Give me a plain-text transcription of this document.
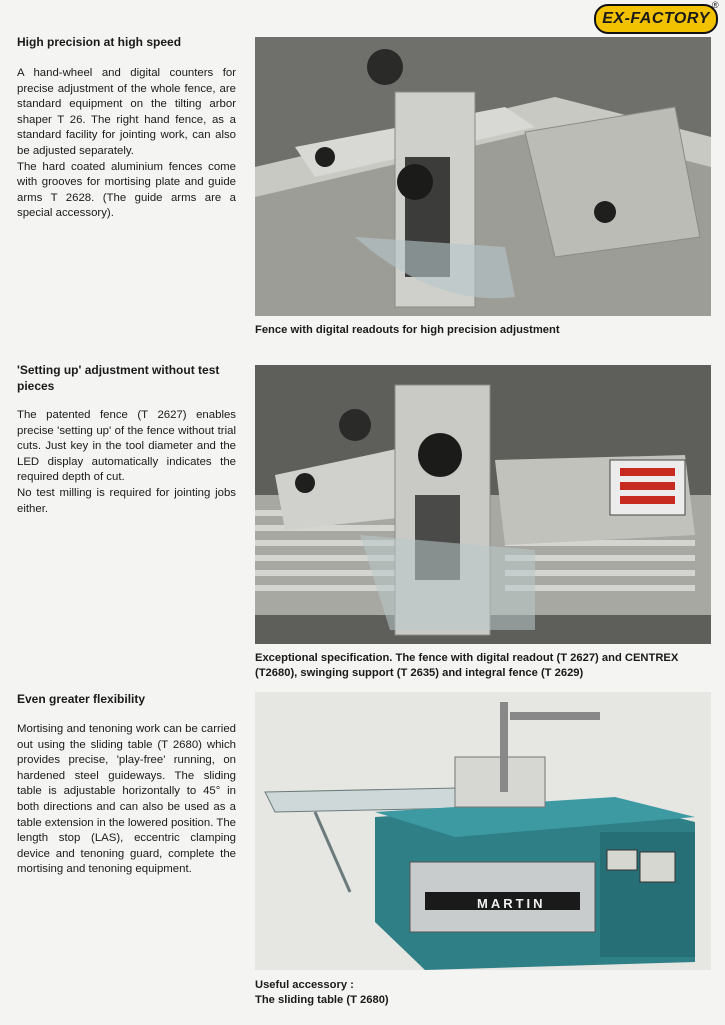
EX-FACTORY
®
High precision at high speed

A hand-wheel and digital counters for precise adjustment of the whole fence, are standard equipment on the tilting arbor shaper T 26. The right hand fence, as a standard facility for jointing work, can also be adjusted separately.

The hard coated aluminium fences come with grooves for mortising plate and guide arms T 2628. (The guide arms are a special accessory).

Fence with digital readouts for high precision adjustment

'Setting up' adjustment without test pieces

The patented fence (T 2627) enables precise 'setting up' of the fence without trial cuts. Just key in the tool diameter and the LED display automatically indicates the required depth of cut.

No test milling is required for jointing jobs either.

Exceptional specification. The fence with digital readout (T 2627) and CENTREX (T2680), swinging support (T 2635) and integral fence (T 2629)

Even greater flexibility

Mortising and tenoning work can be carried out using the sliding table (T 2680) which provides precise, 'play-free' running, on hardened steel guideways. The sliding table is adjustable horizontally to 45° in both directions and can also be used as a table extension in the lowered position. The length stop (LAS), eccentric clamping device and tenoning guard, complete the mortising and tenoning equipment.

MARTIN

Useful accessory :

The sliding table (T 2680)
